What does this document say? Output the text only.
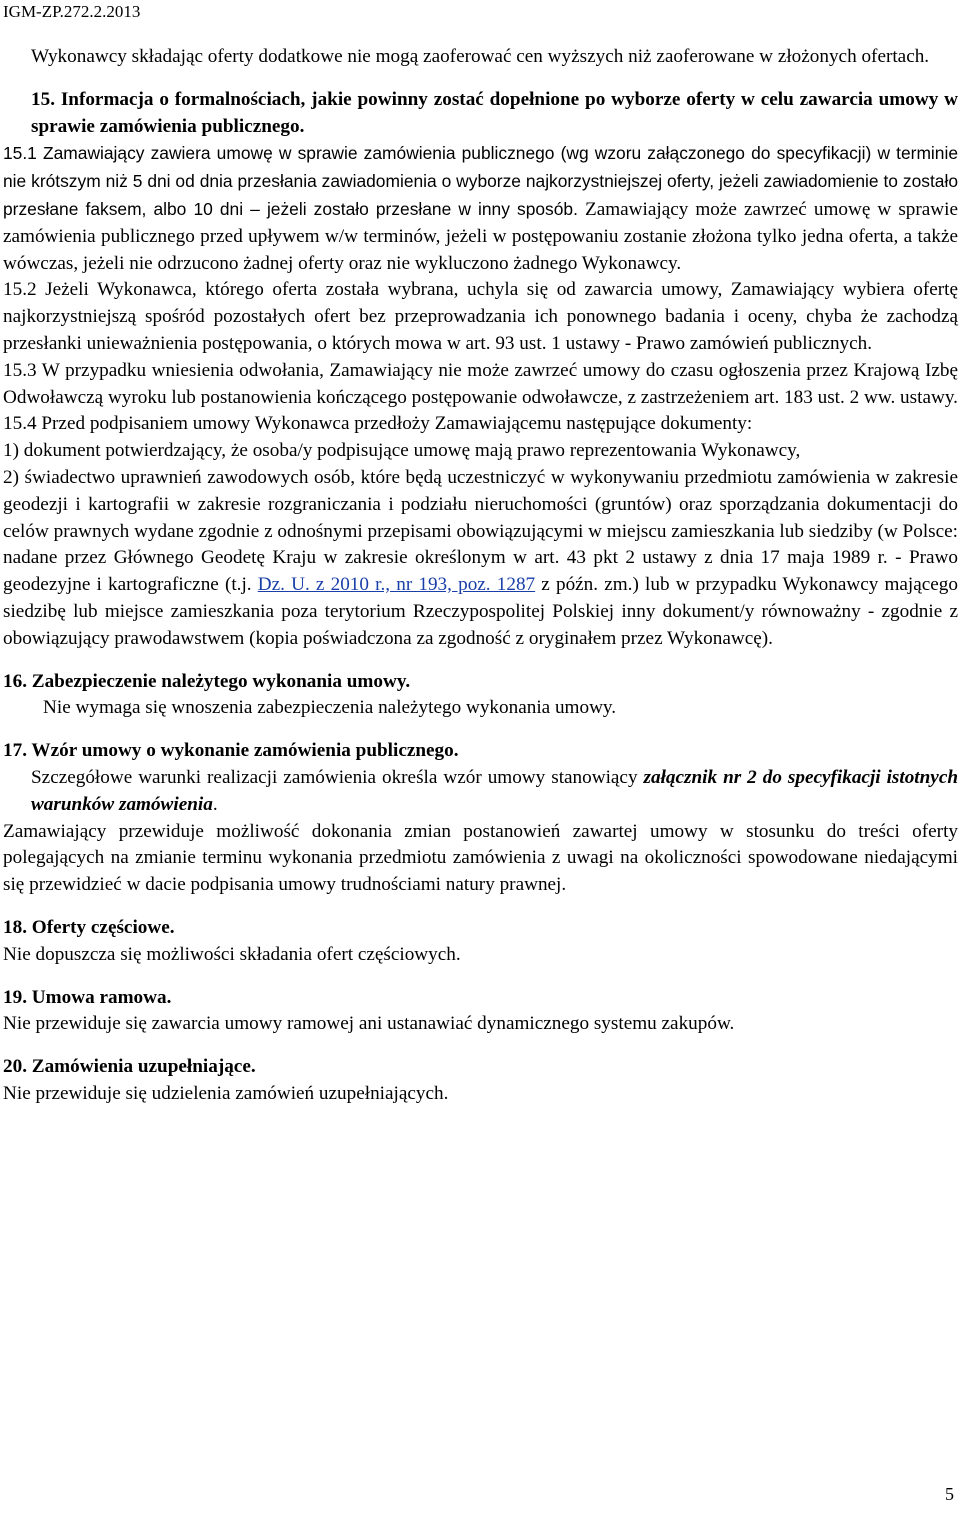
IGM-ZP.272.2.2013

Wykonawcy składając oferty dodatkowe nie mogą zaoferować cen wyższych niż zaoferowane w złożonych ofertach.

15. Informacja o formalnościach, jakie powinny zostać dopełnione po wyborze oferty w celu zawarcia umowy w sprawie zamówienia publicznego.

15.1 Zamawiający zawiera umowę w sprawie zamówienia publicznego (wg wzoru załączonego do specyfikacji) w terminie nie krótszym niż 5 dni od dnia przesłania zawiadomienia o wyborze najkorzystniejszej oferty, jeżeli zawiadomienie to zostało przesłane faksem, albo 10 dni – jeżeli zostało przesłane w inny sposób. Zamawiający może zawrzeć umowę w sprawie zamówienia publicznego przed upływem w/w terminów, jeżeli w postępowaniu zostanie złożona tylko jedna oferta, a także wówczas, jeżeli nie odrzucono żadnej oferty oraz nie wykluczono żadnego Wykonawcy.

15.2 Jeżeli Wykonawca, którego oferta została wybrana, uchyla się od zawarcia umowy, Zamawiający wybiera ofertę najkorzystniejszą spośród pozostałych ofert bez przeprowadzania ich ponownego badania i oceny, chyba że zachodzą przesłanki unieważnienia postępowania, o których mowa w art. 93 ust. 1 ustawy - Prawo zamówień publicznych.

15.3 W przypadku wniesienia odwołania, Zamawiający nie może zawrzeć umowy do czasu ogłoszenia przez Krajową Izbę Odwoławczą wyroku lub postanowienia kończącego postępowanie odwoławcze, z zastrzeżeniem art. 183 ust. 2 ww. ustawy.

15.4 Przed podpisaniem umowy Wykonawca przedłoży Zamawiającemu następujące dokumenty:

1) dokument potwierdzający, że osoba/y podpisujące umowę mają prawo reprezentowania Wykonawcy,

2) świadectwo uprawnień zawodowych osób, które będą uczestniczyć w wykonywaniu przedmiotu zamówienia w zakresie geodezji i kartografii w zakresie rozgraniczania i podziału nieruchomości (gruntów) oraz sporządzania dokumentacji do celów prawnych wydane zgodnie z odnośnymi przepisami obowiązującymi w miejscu zamieszkania lub siedziby (w Polsce: nadane przez Głównego Geodetę Kraju w zakresie określonym w art. 43 pkt 2 ustawy z dnia 17 maja 1989 r. - Prawo geodezyjne i kartograficzne (t.j. Dz. U. z 2010 r., nr 193, poz. 1287 z późn. zm.) lub w przypadku Wykonawcy mającego siedzibę lub miejsce zamieszkania poza terytorium Rzeczypospolitej Polskiej inny dokument/y równoważny - zgodnie z obowiązujący prawodawstwem (kopia poświadczona za zgodność z oryginałem przez Wykonawcę).

16. Zabezpieczenie należytego wykonania umowy.

Nie wymaga się wnoszenia zabezpieczenia należytego wykonania umowy.

17. Wzór umowy o wykonanie zamówienia publicznego.

Szczegółowe warunki realizacji zamówienia określa wzór umowy stanowiący załącznik nr 2 do specyfikacji istotnych warunków zamówienia.

Zamawiający przewiduje możliwość dokonania zmian postanowień zawartej umowy w stosunku do treści oferty polegających na zmianie terminu wykonania przedmiotu zamówienia z uwagi na okoliczności spowodowane niedającymi się przewidzieć w dacie podpisania umowy trudnościami natury prawnej.

18. Oferty częściowe.

Nie dopuszcza się możliwości składania ofert częściowych.

19. Umowa ramowa.

Nie przewiduje się zawarcia umowy ramowej ani ustanawiać dynamicznego systemu zakupów.

20. Zamówienia uzupełniające.

Nie przewiduje się udzielenia zamówień uzupełniających.

5
